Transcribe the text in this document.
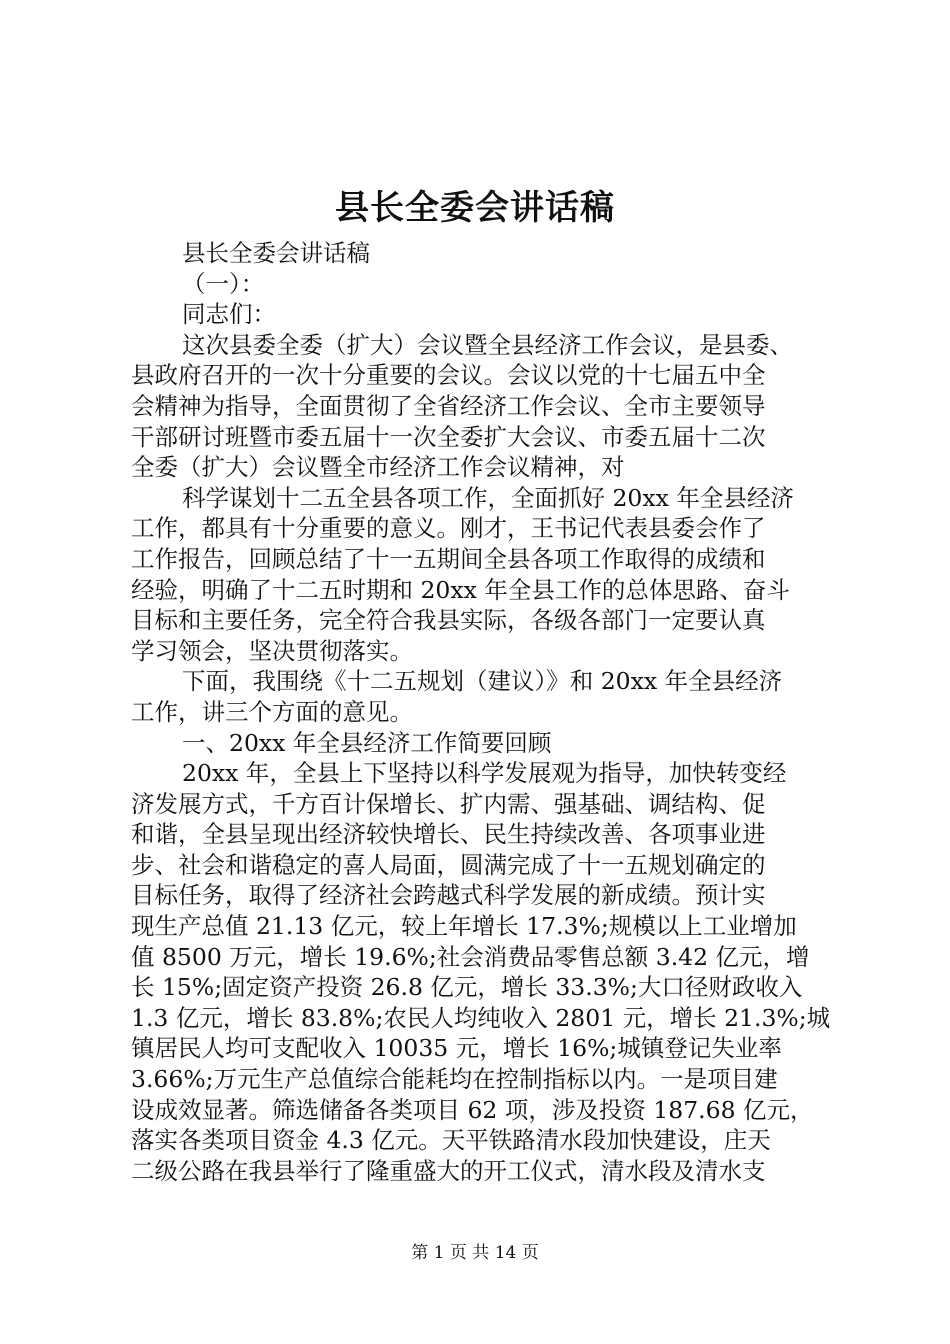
县长全委会讲话稿
县长全委会讲话稿
（一）：
同志们：
这次县委全委（扩大）会议暨全县经济工作会议，是县委、
县政府召开的一次十分重要的会议。会议以党的十七届五中全
会精神为指导，全面贯彻了全省经济工作会议、全市主要领导
干部研讨班暨市委五届十一次全委扩大会议、市委五届十二次
全委（扩大）会议暨全市经济工作会议精神，对
科学谋划十二五全县各项工作，全面抓好 20xx 年全县经济
工作，都具有十分重要的意义。刚才，王书记代表县委会作了
工作报告，回顾总结了十一五期间全县各项工作取得的成绩和
经验，明确了十二五时期和 20xx 年全县工作的总体思路、奋斗
目标和主要任务，完全符合我县实际，各级各部门一定要认真
学习领会，坚决贯彻落实。
下面，我围绕《十二五规划（建议）》和 20xx 年全县经济
工作，讲三个方面的意见。
一、20xx 年全县经济工作简要回顾
20xx 年，全县上下坚持以科学发展观为指导，加快转变经
济发展方式，千方百计保增长、扩内需、强基础、调结构、促
和谐，全县呈现出经济较快增长、民生持续改善、各项事业进
步、社会和谐稳定的喜人局面，圆满完成了十一五规划确定的
目标任务，取得了经济社会跨越式科学发展的新成绩。预计实
现生产总值 21.13 亿元，较上年增长 17.3%;规模以上工业增加
值 8500 万元，增长 19.6%;社会消费品零售总额 3.42 亿元，增
长 15%;固定资产投资 26.8 亿元，增长 33.3%;大口径财政收入
1.3 亿元，增长 83.8%;农民人均纯收入 2801 元，增长 21.3%;城
镇居民人均可支配收入 10035 元，增长 16%;城镇登记失业率
3.66%;万元生产总值综合能耗均在控制指标以内。一是项目建
设成效显著。筛选储备各类项目 62 项，涉及投资 187.68 亿元，
落实各类项目资金 4.3 亿元。天平铁路清水段加快建设，庄天
二级公路在我县举行了隆重盛大的开工仪式，清水段及清水支
第 1 页 共 14 页
